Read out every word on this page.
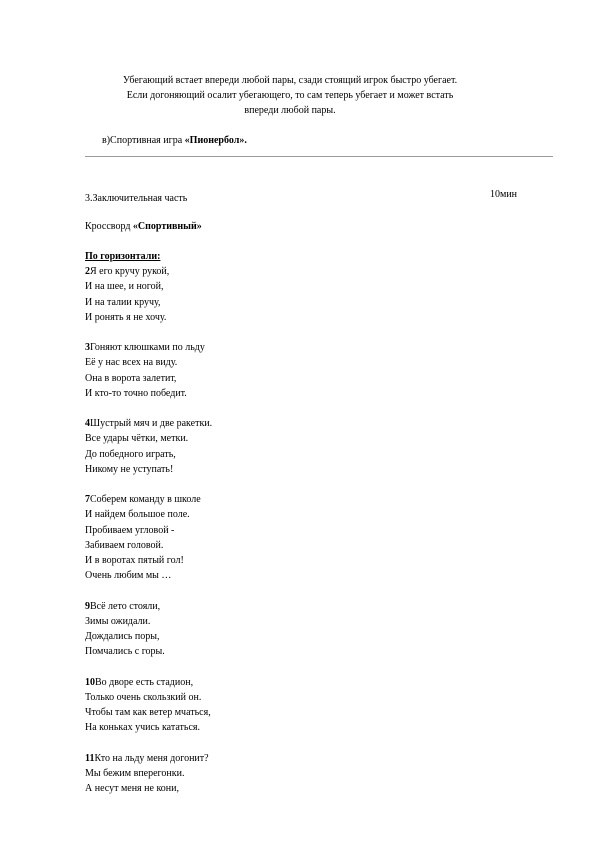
Убегающий встает впереди любой пары, сзади стоящий игрок быстро убегает.
Если догоняющий осалит убегающего, то сам теперь убегает и может встать
впереди любой пары.
в)Спортивная игра «Пионербол».
3.Заключительная часть	10мин
Кроссворд «Спортивный»
По горизонтали:
2Я его кручу рукой,
И на шее, и ногой,
И на талии кручу,
И ронять я не хочу.
3Гоняют клюшками по льду
Её у нас всех на виду.
Она в ворота залетит,
И кто-то точно победит.
4Шустрый мяч и две ракетки.
Все удары чётки, метки.
До победного играть,
Никому не уступать!
7Соберем команду в школе
И найдем большое поле.
Пробиваем угловой -
Забиваем головой.
И в воротах пятый гол!
Очень любим мы …
9Всё лето стояли,
Зимы ожидали.
Дождались поры,
Помчались с горы.
10Во дворе есть стадион,
Только очень скользкий он.
Чтобы там как ветер мчаться,
На коньках учись кататься.
11Кто на льду меня догонит?
Мы бежим вперегонки.
А несут меня не кони,
